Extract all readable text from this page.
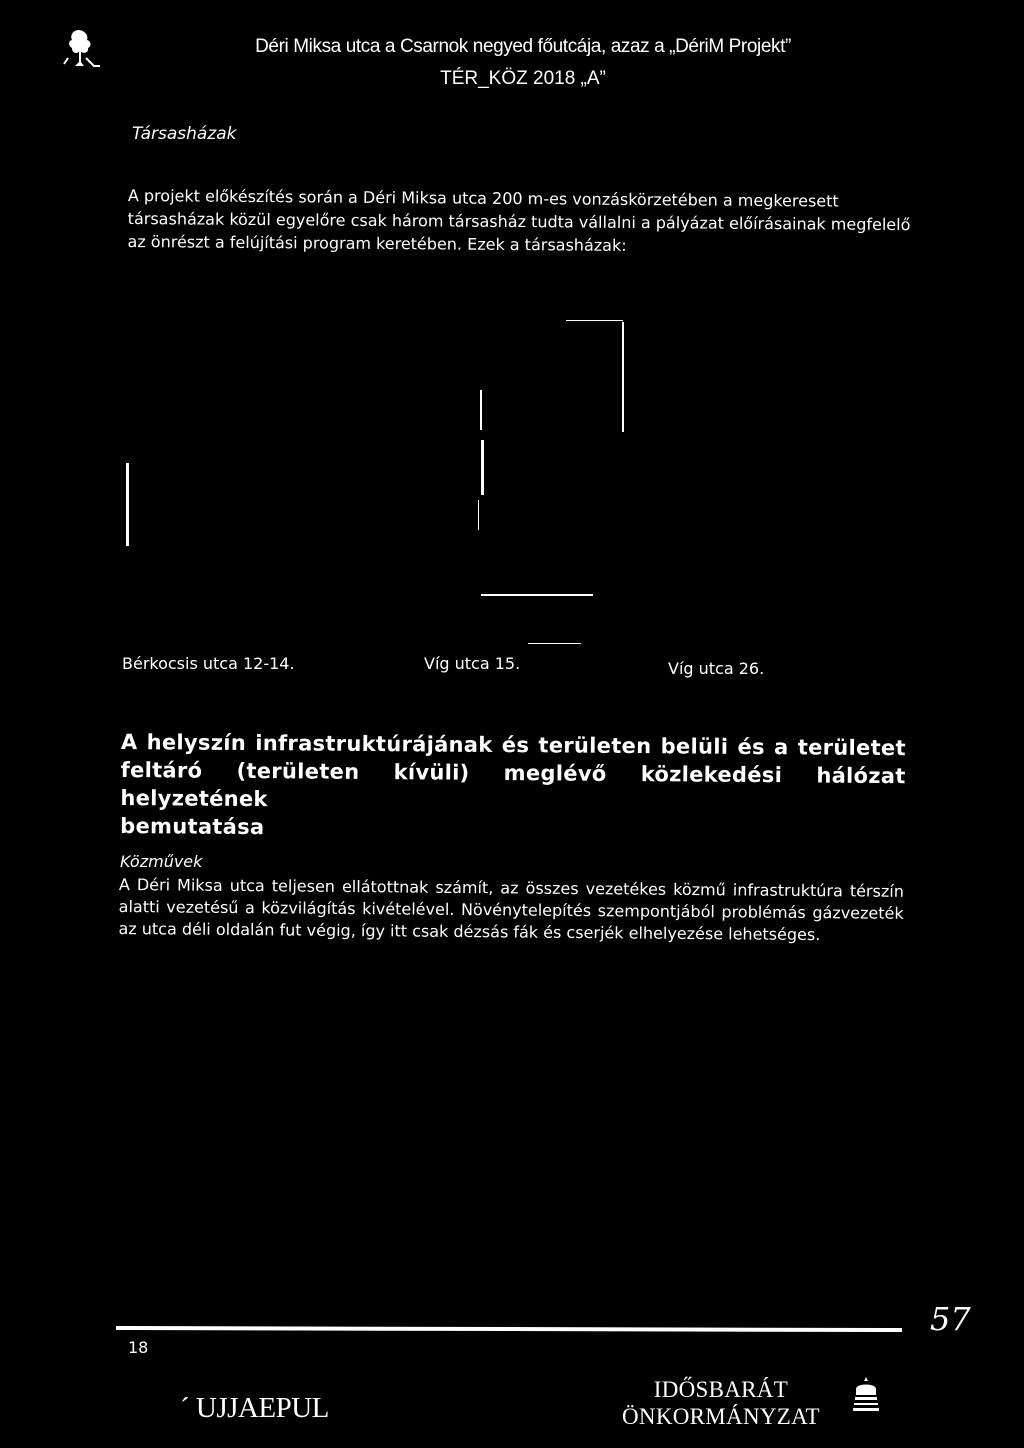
Déri Miksa utca a Csarnok negyed főutcája, azaz a „DériM Projekt”
TÉR_KÖZ 2018 „A”
Társasházak
A projekt előkészítés során a Déri Miksa utca 200 m-es vonzáskörzetében a megkeresett társasházak közül egyelőre csak három társasház tudta vállalni a pályázat előírásainak megfelelő az önrészt a felújítási program keretében. Ezek a társasházak:
Bérkocsis utca 12-14.	Víg utca 15.	Víg utca 26.
A helyszín infrastruktúrájának és területen belüli és a területet
feltáró (területen kívüli) meglévő közlekedési hálózat helyzetének
bemutatása
Közművek
A Déri Miksa utca teljesen ellátottnak számít, az összes vezetékes közmű infrastruktúra térszín alatti vezetésű a közvilágítás kivételével. Növénytelepítés szempontjából problémás gázvezeték az utca déli oldalán fut végig, így itt csak dézsás fák és cserjék elhelyezése lehetséges.
18
57
´ UJJAEPUL
IDŐSBARÁT
ÖNKORMÁNYZAT
